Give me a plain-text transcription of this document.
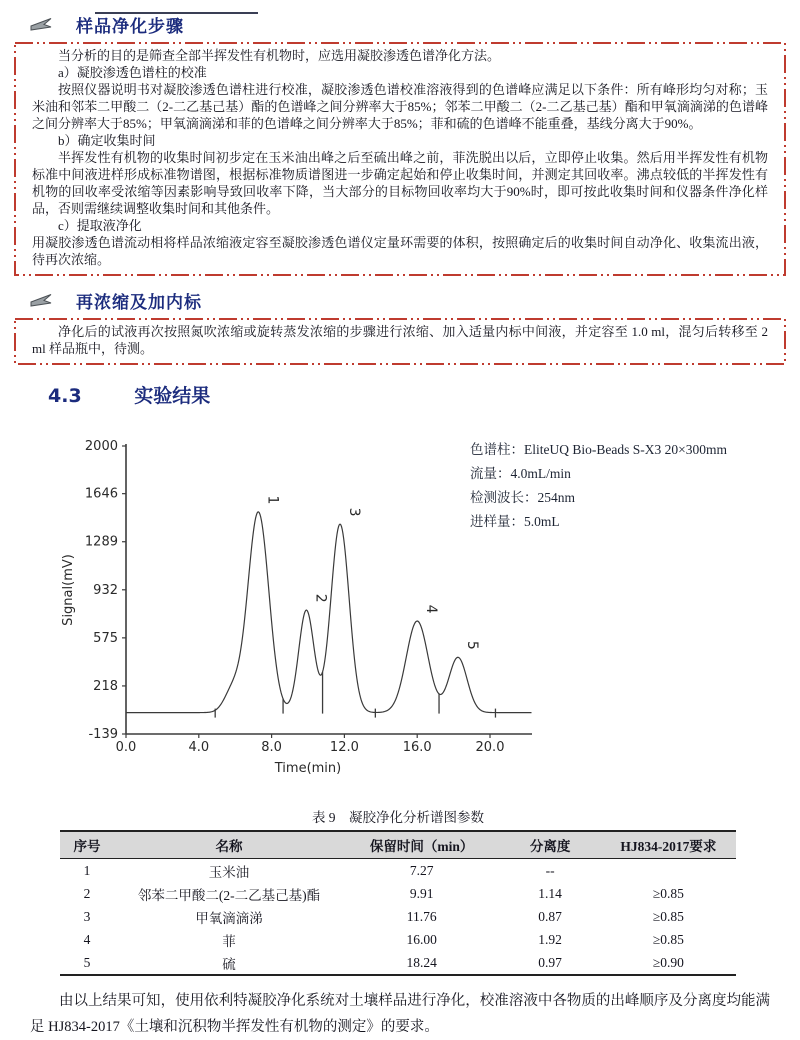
样品净化步骤

当分析的目的是筛查全部半挥发性有机物时，应选用凝胶渗透色谱净化方法。

a）凝胶渗透色谱柱的校准

按照仪器说明书对凝胶渗透色谱柱进行校准，凝胶渗透色谱校准溶液得到的色谱峰应满足以下条件：所有峰形均匀对称；玉米油和邻苯二甲酸二（2-二乙基己基）酯的色谱峰之间分辨率大于85%；邻苯二甲酸二（2-二乙基己基）酯和甲氧滴滴涕的色谱峰之间分辨率大于85%；甲氧滴滴涕和菲的色谱峰之间分辨率大于85%；菲和硫的色谱峰不能重叠，基线分离大于90%。

b）确定收集时间

半挥发性有机物的收集时间初步定在玉米油出峰之后至硫出峰之前，菲洗脱出以后，立即停止收集。然后用半挥发性有机物标准中间液进样形成标准物谱图，根据标准物质谱图进一步确定起始和停止收集时间，并测定其回收率。沸点较低的半挥发性有机物的回收率受浓缩等因素影响导致回收率下降，当大部分的目标物回收率均大于90%时，即可按此收集时间和仪器条件净化样品，否则需继续调整收集时间和其他条件。

c）提取液净化

用凝胶渗透色谱流动相将样品浓缩液定容至凝胶渗透色谱仪定量环需要的体积，按照确定后的收集时间自动净化、收集流出液，待再次浓缩。

再浓缩及加内标

净化后的试液再次按照氮吹浓缩或旋转蒸发浓缩的步骤进行浓缩、加入适量内标中间液，并定容至 1.0 ml，混匀后转移至 2 ml 样品瓶中，待测。

4.3	实验结果
2000
1646
1289
932
575
218
-139
0.0	4.0	8.0	12.0	16.0	20.0
Time(min)
Signal(mV)
1
2
3
4
5
色谱柱：EliteUQ Bio-Beads S-X3 20×300mm
流量：4.0mL/min
检测波长：254nm
进样量：5.0mL
表 9　凝胶净化分析谱图参数
序号	名称	保留时间（min）	分离度	HJ834-2017要求
1	玉米油	7.27	--	
2	邻苯二甲酸二(2-二乙基己基)酯	9.91	1.14	≥0.85
3	甲氧滴滴涕	11.76	0.87	≥0.85
4	菲	16.00	1.92	≥0.85
5	硫	18.24	0.97	≥0.90

由以上结果可知，使用依利特凝胶净化系统对土壤样品进行净化，校准溶液中各物质的出峰顺序及分离度均能满足 HJ834-2017《土壤和沉积物半挥发性有机物的测定》的要求。
